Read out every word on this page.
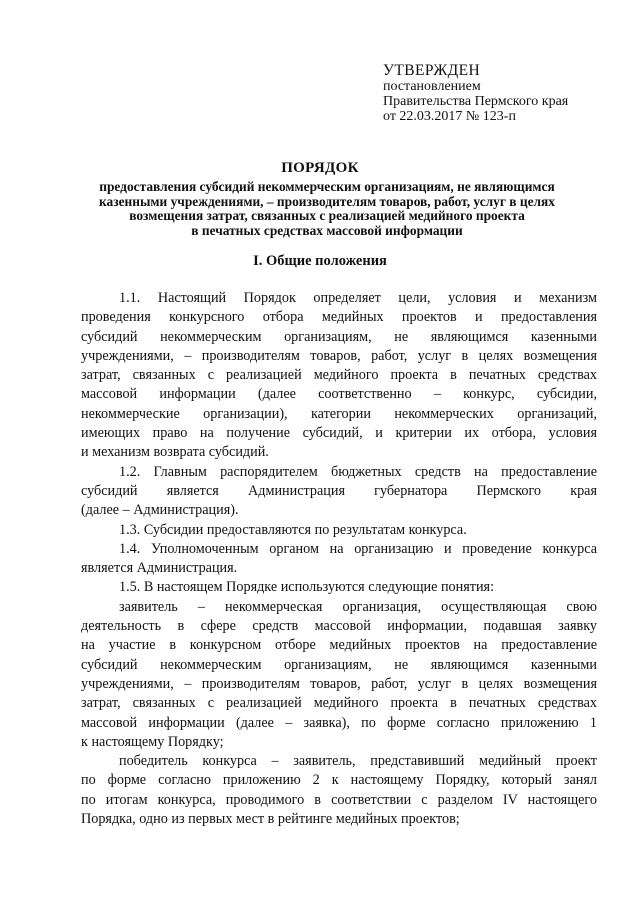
УТВЕРЖДЕН
постановлением
Правительства Пермского края
от 22.03.2017 № 123-п
ПОРЯДОК
предоставления субсидий некоммерческим организациям, не являющимся
казенными учреждениями, – производителям товаров, работ, услуг в целях
возмещения затрат, связанных с реализацией медийного проекта
в печатных средствах массовой информации
I. Общие положения
1.1. Настоящий Порядок определяет цели, условия и механизм
проведения конкурсного отбора медийных проектов и предоставления
субсидий некоммерческим организациям, не являющимся казенными
учреждениями, – производителям товаров, работ, услуг в целях возмещения
затрат, связанных с реализацией медийного проекта в печатных средствах
массовой информации (далее соответственно – конкурс, субсидии,
некоммерческие организации), категории некоммерческих организаций,
имеющих право на получение субсидий, и критерии их отбора, условия
и механизм возврата субсидий.
1.2. Главным распорядителем бюджетных средств на предоставление
субсидий является Администрация губернатора Пермского края
(далее – Администрация).
1.3. Субсидии предоставляются по результатам конкурса.
1.4. Уполномоченным органом на организацию и проведение конкурса
является Администрация.
1.5. В настоящем Порядке используются следующие понятия:
заявитель – некоммерческая организация, осуществляющая свою
деятельность в сфере средств массовой информации, подавшая заявку
на участие в конкурсном отборе медийных проектов на предоставление
субсидий некоммерческим организациям, не являющимся казенными
учреждениями, – производителям товаров, работ, услуг в целях возмещения
затрат, связанных с реализацией медийного проекта в печатных средствах
массовой информации (далее – заявка), по форме согласно приложению 1
к настоящему Порядку;
победитель конкурса – заявитель, представивший медийный проект
по форме согласно приложению 2 к настоящему Порядку, который занял
по итогам конкурса, проводимого в соответствии с разделом IV настоящего
Порядка, одно из первых мест в рейтинге медийных проектов;
